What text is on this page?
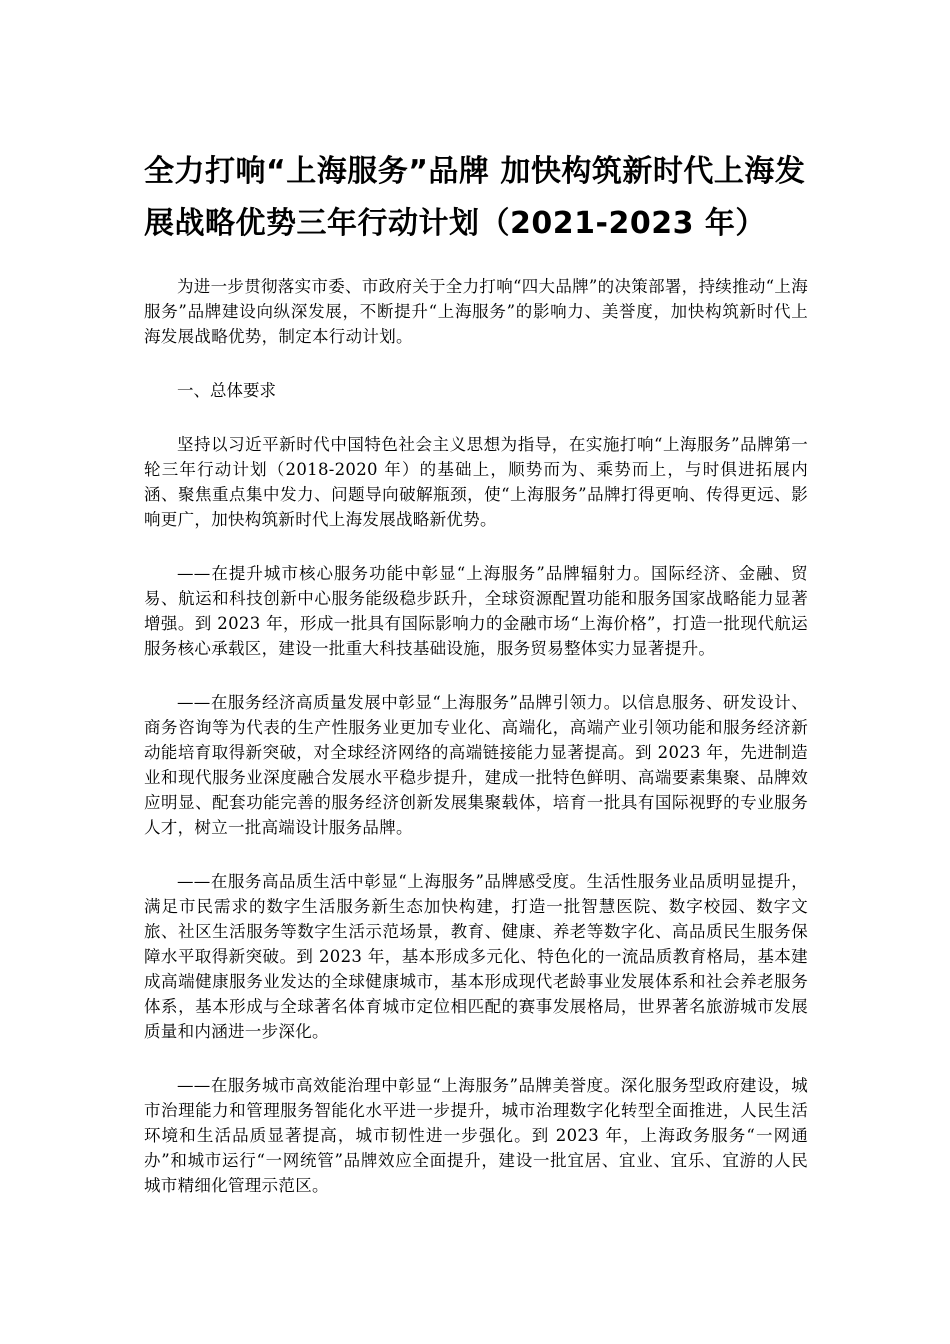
全力打响“上海服务”品牌 加快构筑新时代上海发展战略优势三年行动计划（2021-2023 年）

为进一步贯彻落实市委、市政府关于全力打响“四大品牌”的决策部署，持续推动“上海服务”品牌建设向纵深发展，不断提升“上海服务”的影响力、美誉度，加快构筑新时代上海发展战略优势，制定本行动计划。

一、总体要求

坚持以习近平新时代中国特色社会主义思想为指导，在实施打响“上海服务”品牌第一轮三年行动计划（2018-2020 年）的基础上，顺势而为、乘势而上，与时俱进拓展内涵、聚焦重点集中发力、问题导向破解瓶颈，使“上海服务”品牌打得更响、传得更远、影响更广，加快构筑新时代上海发展战略新优势。

——在提升城市核心服务功能中彰显“上海服务”品牌辐射力。国际经济、金融、贸易、航运和科技创新中心服务能级稳步跃升，全球资源配置功能和服务国家战略能力显著增强。到 2023 年，形成一批具有国际影响力的金融市场“上海价格”，打造一批现代航运服务核心承载区，建设一批重大科技基础设施，服务贸易整体实力显著提升。

——在服务经济高质量发展中彰显“上海服务”品牌引领力。以信息服务、研发设计、商务咨询等为代表的生产性服务业更加专业化、高端化，高端产业引领功能和服务经济新动能培育取得新突破，对全球经济网络的高端链接能力显著提高。到 2023 年，先进制造业和现代服务业深度融合发展水平稳步提升，建成一批特色鲜明、高端要素集聚、品牌效应明显、配套功能完善的服务经济创新发展集聚载体，培育一批具有国际视野的专业服务人才，树立一批高端设计服务品牌。

——在服务高品质生活中彰显“上海服务”品牌感受度。生活性服务业品质明显提升，满足市民需求的数字生活服务新生态加快构建，打造一批智慧医院、数字校园、数字文旅、社区生活服务等数字生活示范场景，教育、健康、养老等数字化、高品质民生服务保障水平取得新突破。到 2023 年，基本形成多元化、特色化的一流品质教育格局，基本建成高端健康服务业发达的全球健康城市，基本形成现代老龄事业发展体系和社会养老服务体系，基本形成与全球著名体育城市定位相匹配的赛事发展格局，世界著名旅游城市发展质量和内涵进一步深化。

——在服务城市高效能治理中彰显“上海服务”品牌美誉度。深化服务型政府建设，城市治理能力和管理服务智能化水平进一步提升，城市治理数字化转型全面推进，人民生活环境和生活品质显著提高，城市韧性进一步强化。到 2023 年，上海政务服务“一网通办”和城市运行“一网统管”品牌效应全面提升，建设一批宜居、宜业、宜乐、宜游的人民城市精细化管理示范区。
